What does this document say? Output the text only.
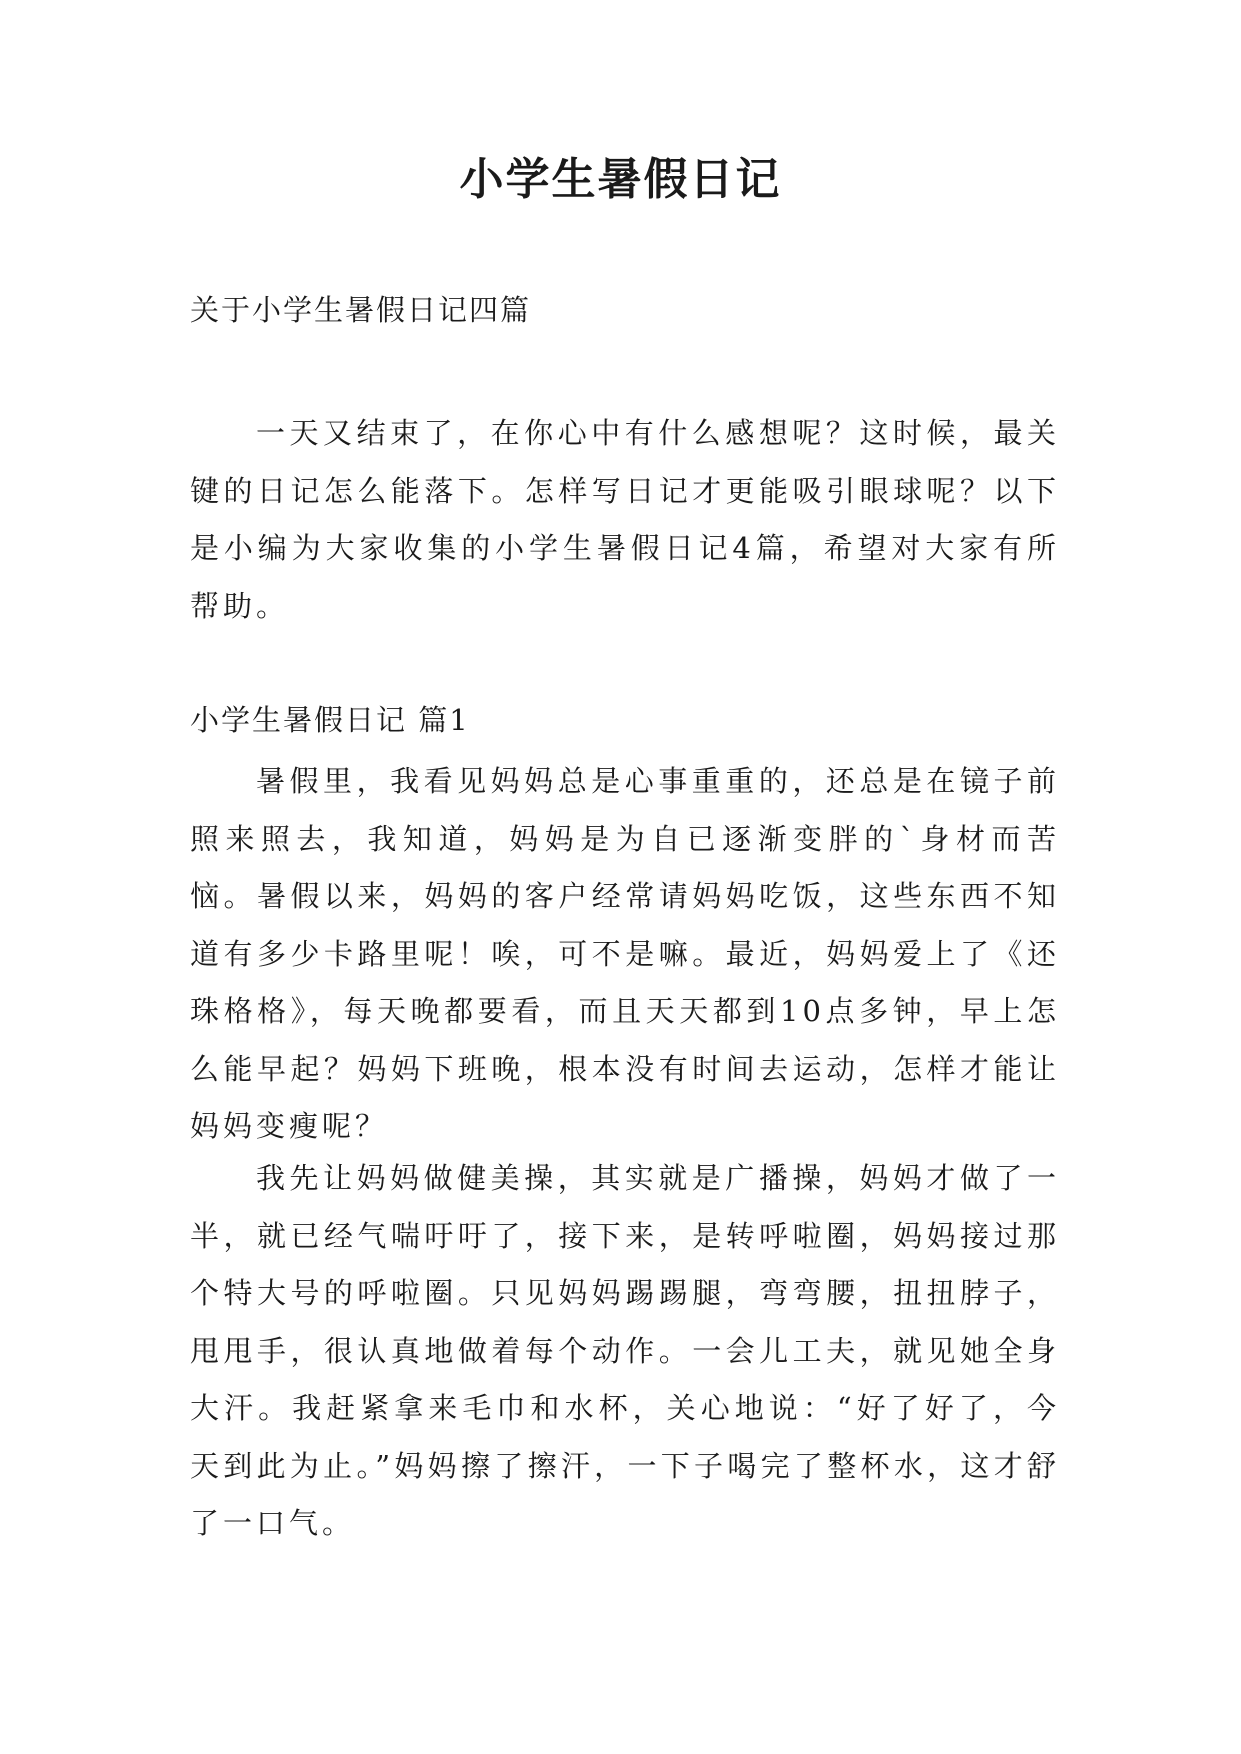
小学生暑假日记

关于小学生暑假日记四篇

一天又结束了，在你心中有什么感想呢？这时候，最关键的日记怎么能落下。怎样写日记才更能吸引眼球呢？以下是小编为大家收集的小学生暑假日记4篇，希望对大家有所帮助。

小学生暑假日记 篇1

暑假里，我看见妈妈总是心事重重的，还总是在镜子前照来照去，我知道，妈妈是为自已逐渐变胖的`身材而苦恼。暑假以来，妈妈的客户经常请妈妈吃饭，这些东西不知道有多少卡路里呢！唉，可不是嘛。最近，妈妈爱上了《还珠格格》，每天晚都要看，而且天天都到10点多钟，早上怎么能早起？妈妈下班晚，根本没有时间去运动，怎样才能让妈妈变瘦呢？

我先让妈妈做健美操，其实就是广播操，妈妈才做了一半，就已经气喘吁吁了，接下来，是转呼啦圈，妈妈接过那个特大号的呼啦圈。只见妈妈踢踢腿，弯弯腰，扭扭脖子，甩甩手，很认真地做着每个动作。一会儿工夫，就见她全身大汗。我赶紧拿来毛巾和水杯，关心地说：“好了好了，今天到此为止。”妈妈擦了擦汗，一下子喝完了整杯水，这才舒了一口气。
